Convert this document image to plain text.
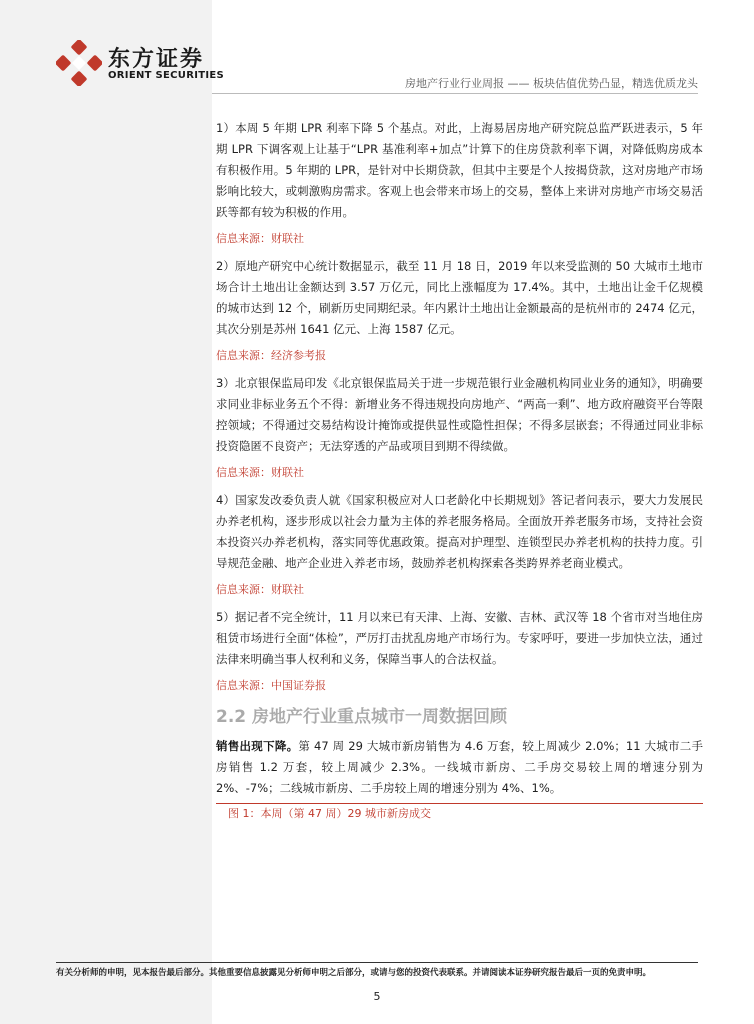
东方证券
ORIENT SECURITIES
房地产行业行业周报 —— 板块估值优势凸显，精选优质龙头

1）本周 5 年期 LPR 利率下降 5 个基点。对此，上海易居房地产研究院总监严跃进表示，5 年期 LPR 下调客观上让基于“LPR 基准利率+加点”计算下的住房贷款利率下调，对降低购房成本有积极作用。5 年期的 LPR，是针对中长期贷款，但其中主要是个人按揭贷款，这对房地产市场影响比较大，或刺激购房需求。客观上也会带来市场上的交易，整体上来讲对房地产市场交易活跃等都有较为积极的作用。

信息来源：财联社

2）原地产研究中心统计数据显示，截至 11 月 18 日，2019 年以来受监测的 50 大城市土地市场合计土地出让金额达到 3.57 万亿元，同比上涨幅度为 17.4%。其中，土地出让金千亿规模的城市达到 12 个，刷新历史同期纪录。年内累计土地出让金额最高的是杭州市的 2474 亿元，其次分别是苏州 1641 亿元、上海 1587 亿元。

信息来源：经济参考报

3）北京银保监局印发《北京银保监局关于进一步规范银行业金融机构同业业务的通知》，明确要求同业非标业务五个不得：新增业务不得违规投向房地产、“两高一剩”、地方政府融资平台等限控领域；不得通过交易结构设计掩饰或提供显性或隐性担保；不得多层嵌套；不得通过同业非标投资隐匿不良资产；无法穿透的产品或项目到期不得续做。

信息来源：财联社

4）国家发改委负责人就《国家积极应对人口老龄化中长期规划》答记者问表示，要大力发展民办养老机构，逐步形成以社会力量为主体的养老服务格局。全面放开养老服务市场，支持社会资本投资兴办养老机构，落实同等优惠政策。提高对护理型、连锁型民办养老机构的扶持力度。引导规范金融、地产企业进入养老市场，鼓励养老机构探索各类跨界养老商业模式。

信息来源：财联社

5）据记者不完全统计，11 月以来已有天津、上海、安徽、吉林、武汉等 18 个省市对当地住房租赁市场进行全面“体检”，严厉打击扰乱房地产市场行为。专家呼吁，要进一步加快立法，通过法律来明确当事人权利和义务，保障当事人的合法权益。

信息来源：中国证券报
2.2 房地产行业重点城市一周数据回顾

销售出现下降。第 47 周 29 大城市新房销售为 4.6 万套，较上周减少 2.0%；11 大城市二手房销售 1.2 万套，较上周减少 2.3%。一线城市新房、二手房交易较上周的增速分别为 2%、-7%；二线城市新房、二手房较上周的增速分别为 4%、1%。

图 1：本周（第 47 周）29 城市新房成交
有关分析师的申明，见本报告最后部分。其他重要信息披露见分析师申明之后部分，或请与您的投资代表联系。并请阅读本证券研究报告最后一页的免责申明。
5
